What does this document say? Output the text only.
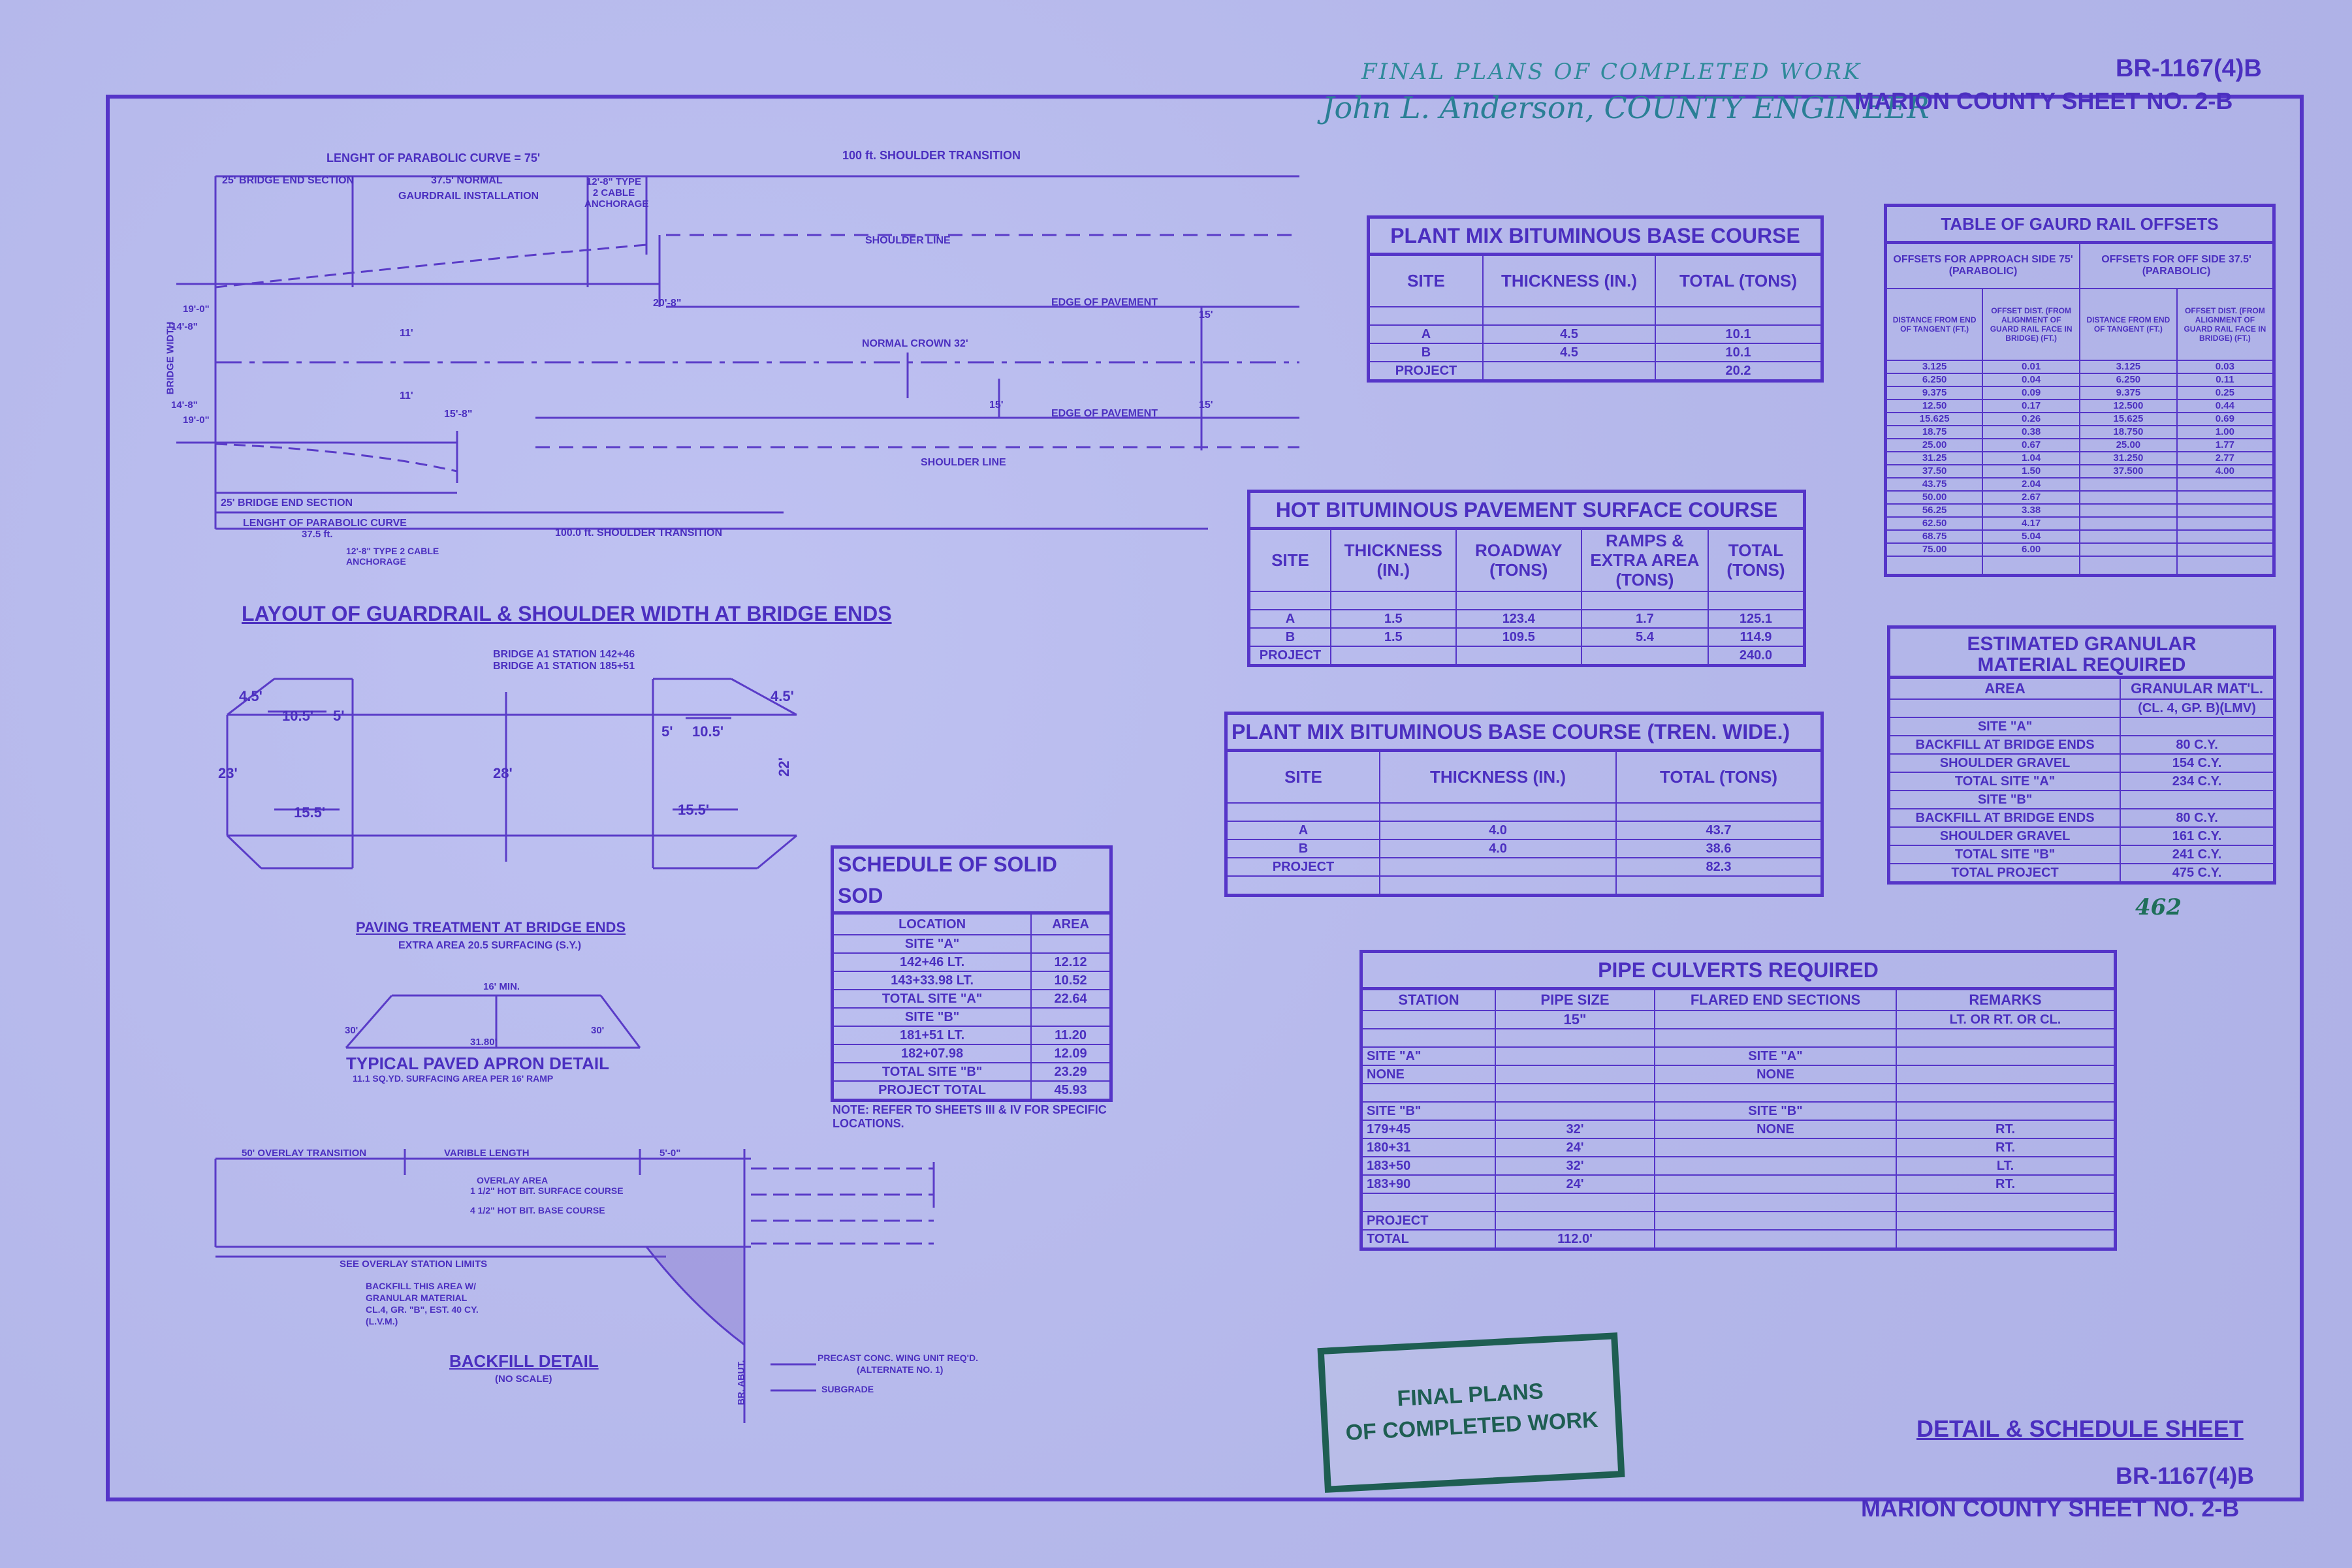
FINAL PLANS OF COMPLETED WORK
John L. Anderson, COUNTY ENGINEER
BR-1167(4)B
MARION COUNTY SHEET NO. 2-B
LENGHT OF PARABOLIC CURVE = 75'	100 ft. SHOULDER TRANSITION
25' BRIDGE END SECTION	37.5' NORMAL
GAURDRAIL INSTALLATION
12'-8" TYPE 2 CABLE ANCHORAGE
SHOULDER LINE
EDGE OF PAVEMENT
NORMAL CROWN 32'
EDGE OF PAVEMENT
SHOULDER LINE
25' BRIDGE END SECTION
LENGHT OF PARABOLIC CURVE
37.5 ft.	100.0 ft. SHOULDER TRANSITION
12'-8" TYPE 2 CABLE ANCHORAGE
20'-8"
15'-8"
11'
11'
15'
15'
15'
19'-0"
19'-0"
14'-8"
14'-8"
BRIDGE WIDTH
LAYOUT OF GUARDRAIL & SHOULDER WIDTH AT BRIDGE ENDS
BRIDGE A1 STATION 142+46
BRIDGE A1 STATION 185+51
4.5'
10.5' 5'
23'
15.5'
28'
5' 10.5'
4.5'
22'
15.5'
PAVING TREATMENT AT BRIDGE ENDS
EXTRA AREA 20.5 SURFACING (S.Y.)
16' MIN.
31.80'
30'	30'
TYPICAL PAVED APRON DETAIL
11.1 SQ.YD. SURFACING AREA PER 16' RAMP
50' OVERLAY TRANSITION	VARIBLE LENGTH	5'-0"
OVERLAY AREA
1 1/2" HOT BIT. SURFACE COURSE
4 1/2" HOT BIT. BASE COURSE
SEE OVERLAY STATION LIMITS
BACKFILL THIS AREA W/
GRANULAR MATERIAL
CL.4, GR. "B", EST. 40 CY.
(L.V.M.)
PRECAST CONC. WING UNIT REQ'D.
(ALTERNATE NO. 1)
SUBGRADE
BR. ABUT.
BACKFILL DETAIL
(NO SCALE)
SCHEDULE OF SOLID SOD	
LOCATION	AREA
SITE "A"	
142+46 LT.	12.12
143+33.98 LT.	10.52
TOTAL SITE "A"	22.64
SITE "B"	
181+51 LT.	11.20
182+07.98	12.09
TOTAL SITE "B"	23.29
PROJECT TOTAL	45.93
NOTE: REFER TO SHEETS III & IV FOR SPECIFIC LOCATIONS.
PLANT MIX BITUMINOUS BASE COURSE		
SITE	THICKNESS (IN.)	TOTAL (TONS)

A	4.5	10.1
B	4.5	10.1
PROJECT		20.2
HOT BITUMINOUS PAVEMENT SURFACE COURSE				
SITE	THICKNESS (IN.)	ROADWAY (TONS)	RAMPS & EXTRA AREA (TONS)	TOTAL (TONS)

A	1.5	123.4	1.7	125.1
B	1.5	109.5	5.4	114.9
PROJECT				240.0
PLANT MIX BITUMINOUS BASE COURSE (TREN. WIDE.)		
SITE	THICKNESS (IN.)	TOTAL (TONS)

A	4.0	43.7
B	4.0	38.6
PROJECT		82.3

TABLE OF GAURD RAIL OFFSETS			
OFFSETS FOR APPROACH SIDE 75' (PARABOLIC)		OFFSETS FOR OFF SIDE 37.5' (PARABOLIC)	
DISTANCE FROM END OF TANGENT (FT.)	OFFSET DIST. (FROM ALIGNMENT OF GUARD RAIL FACE IN BRIDGE) (FT.)	DISTANCE FROM END OF TANGENT (FT.)	OFFSET DIST. (FROM ALIGNMENT OF GUARD RAIL FACE IN BRIDGE) (FT.)
3.125	0.01	3.125	0.03
6.250	0.04	6.250	0.11
9.375	0.09	9.375	0.25
12.50	0.17	12.500	0.44
15.625	0.26	15.625	0.69
18.75	0.38	18.750	1.00
25.00	0.67	25.00	1.77
31.25	1.04	31.250	2.77
37.50	1.50	37.500	4.00
43.75	2.04		
50.00	2.67		
56.25	3.38		
62.50	4.17		
68.75	5.04		
75.00	6.00		

ESTIMATED GRANULAR	
MATERIAL REQUIRED	
AREA	GRANULAR MAT'L.
	(CL. 4, GP. B)(LMV)
SITE "A"	
BACKFILL AT BRIDGE ENDS	80 C.Y.
SHOULDER GRAVEL	154 C.Y.
TOTAL SITE "A"	234 C.Y.
SITE "B"	
BACKFILL AT BRIDGE ENDS	80 C.Y.
SHOULDER GRAVEL	161 C.Y.
TOTAL SITE "B"	241 C.Y.
TOTAL PROJECT	475 C.Y.
462
PIPE CULVERTS REQUIRED			
STATION	PIPE SIZE	FLARED END SECTIONS	REMARKS
	15"		LT. OR RT. OR CL.

SITE "A"		SITE "A"	
NONE		NONE	

SITE "B"		SITE "B"	
179+45	32'	NONE	RT.
180+31	24'		RT.
183+50	32'		LT.
183+90	24'		RT.

PROJECT			
TOTAL	112.0'		
FINAL PLANS
OF COMPLETED WORK	DETAIL & SCHEDULE SHEET
BR-1167(4)B
MARION COUNTY SHEET NO. 2-B
